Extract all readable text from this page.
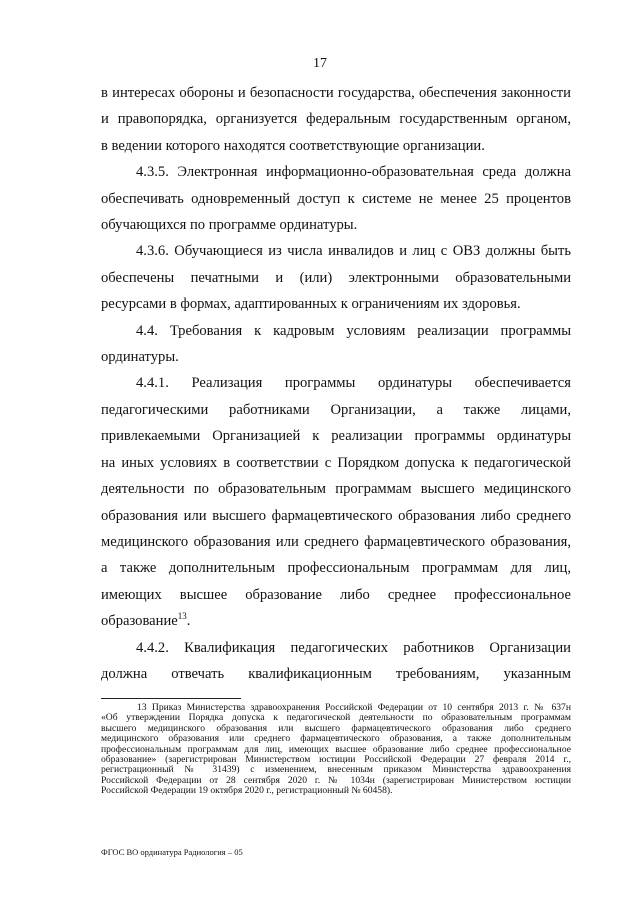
17

в интересах обороны и безопасности государства, обеспечения законности

и правопорядка, организуется федеральным государственным органом,

в ведении которого находятся соответствующие организации.

4.3.5. Электронная информационно-образовательная среда должна

обеспечивать одновременный доступ к системе не менее 25 процентов

обучающихся по программе ординатуры.

4.3.6. Обучающиеся из числа инвалидов и лиц с ОВЗ должны быть

обеспечены печатными и (или) электронными образовательными

ресурсами в формах, адаптированных к ограничениям их здоровья.

4.4. Требования к кадровым условиям реализации программы

ординатуры.

4.4.1. Реализация программы ординатуры обеспечивается

педагогическими работниками Организации, а также лицами,

привлекаемыми Организацией к реализации программы ординатуры

на иных условиях в соответствии с Порядком допуска к педагогической

деятельности по образовательным программам высшего медицинского

образования или высшего фармацевтического образования либо среднего

медицинского образования или среднего фармацевтического образования,

а также дополнительным профессиональным программам для лиц,

имеющих высшее образование либо среднее профессиональное

образование$^{13}$.

4.4.2. Квалификация педагогических работников Организации

должна отвечать квалификационным требованиям, указанным

13 Приказ Министерства здравоохранения Российской Федерации от 10 сентября 2013 г. № 637н

«Об утверждении Порядка допуска к педагогической деятельности по образовательным программам

высшего медицинского образования или высшего фармацевтического образования либо среднего

медицинского образования или среднего фармацевтического образования, а также дополнительным

профессиональным программам для лиц, имеющих высшее образование либо среднее профессиональное

образование» (зарегистрирован Министерством юстиции Российской Федерации 27 февраля 2014 г.,

регистрационный № 31439) с изменением, внесенным приказом Министерства здравоохранения

Российской Федерации от 28 сентября 2020 г. № 1034н (зарегистрирован Министерством юстиции

Российской Федерации 19 октября 2020 г., регистрационный № 60458).

ФГОС ВО ординатура Радиология – 05
